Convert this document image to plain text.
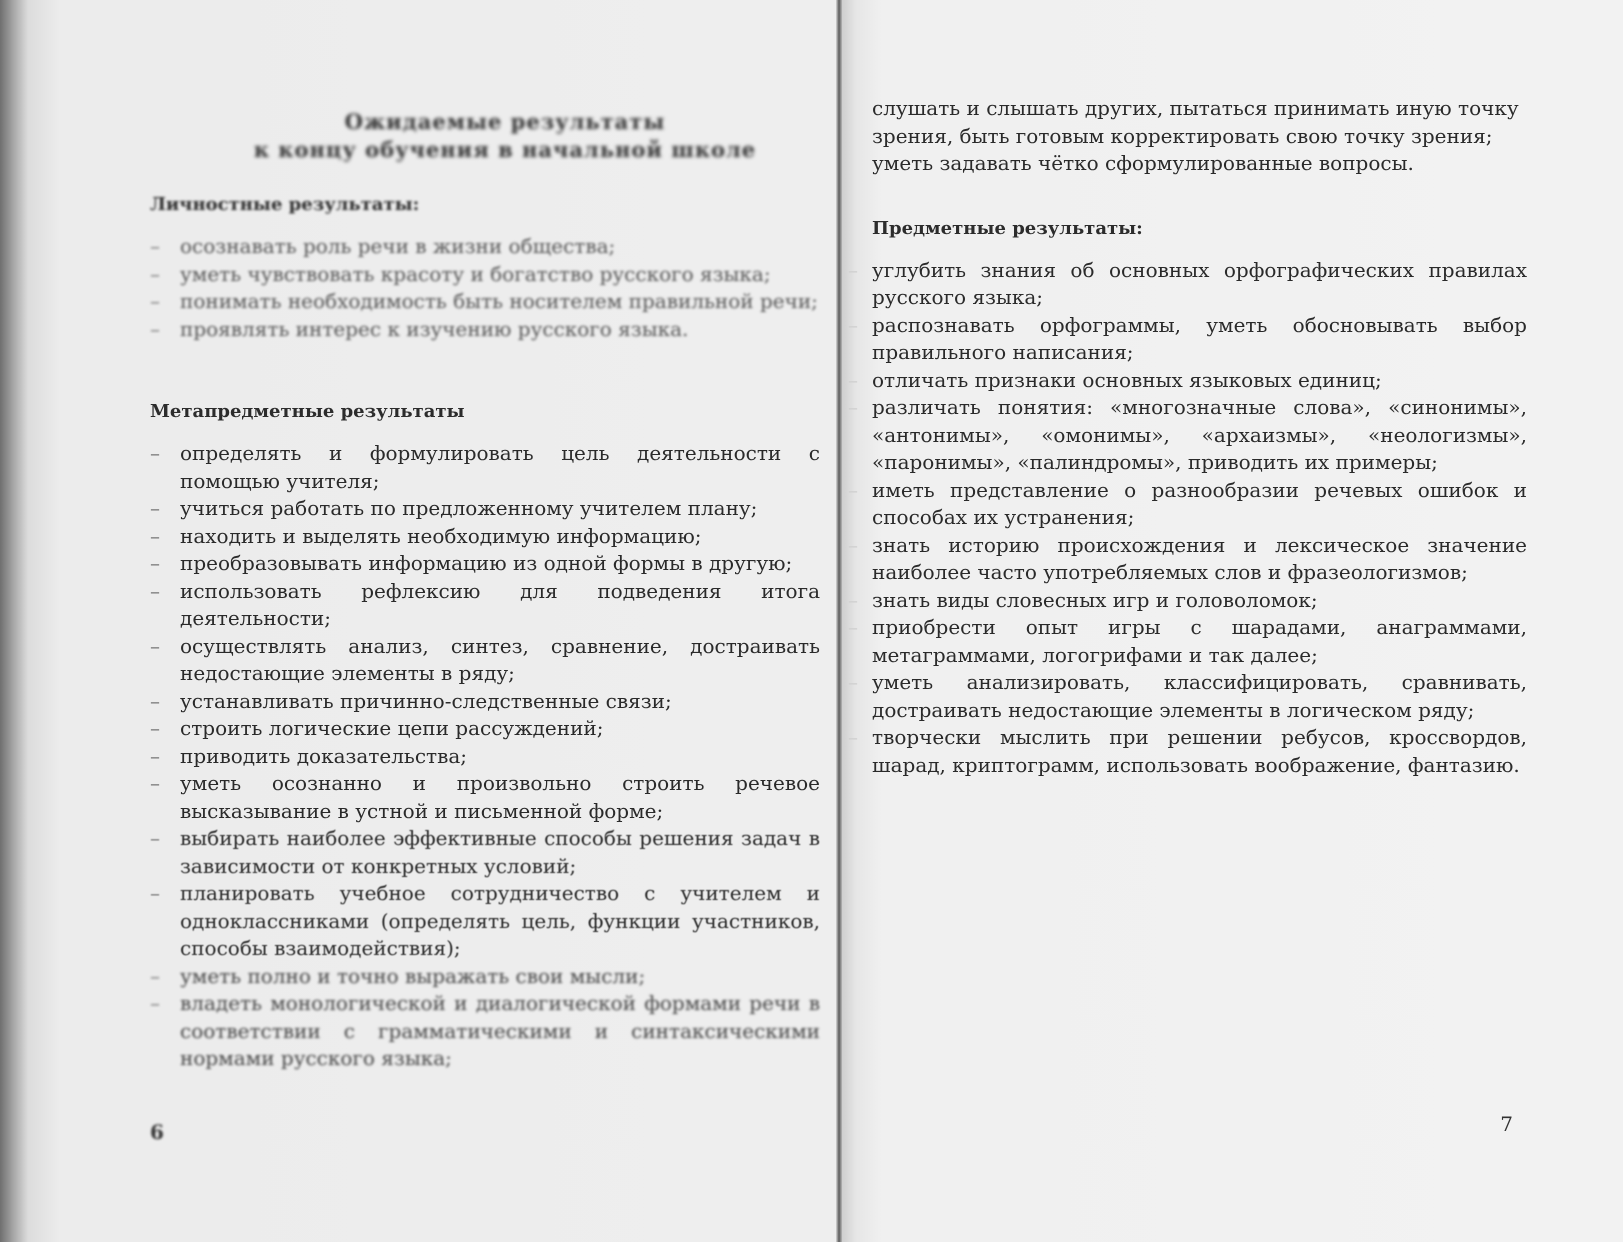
Ожидаемые результаты
к концу обучения в начальной школе
Личностные результаты:
– осознавать роль речи в жизни общества;
– уметь чувствовать красоту и богатство русского языка;
– понимать необходимость быть носителем правильной речи;
– проявлять интерес к изучению русского языка.
Метапредметные результаты
– определять и формулировать цель деятельности с помощью учителя;
– учиться работать по предложенному учителем плану;
– находить и выделять необходимую информацию;
– преобразовывать информацию из одной формы в другую;
– использовать рефлексию для подведения итога деятельности;
– осуществлять анализ, синтез, сравнение, достраивать недостающие элементы в ряду;
– устанавливать причинно-следственные связи;
– строить логические цепи рассуждений;
– приводить доказательства;
– уметь осознанно и произвольно строить речевое высказывание в устной и письменной форме;
– выбирать наиболее эффективные способы решения задач в зависимости от конкретных условий;
– планировать учебное сотрудничество с учителем и одноклассниками (определять цель, функции участников, способы взаимодействия);
– уметь полно и точно выражать свои мысли;
– владеть монологической и диалогической формами речи в соответствии с грамматическими и синтаксическими нормами русского языка;
6
слушать и слышать других, пытаться принимать иную точку зрения, быть готовым корректировать свою точку зрения;
уметь задавать чётко сформулированные вопросы.
Предметные результаты:
– углубить знания об основных орфографических правилах русского языка;
– распознавать орфограммы, уметь обосновывать выбор правильного написания;
– отличать признаки основных языковых единиц;
– различать понятия: «многозначные слова», «синонимы», «антонимы», «омонимы», «архаизмы», «неологизмы», «паронимы», «палиндромы», приводить их примеры;
– иметь представление о разнообразии речевых ошибок и способах их устранения;
– знать историю происхождения и лексическое значение наиболее часто употребляемых слов и фразеологизмов;
– знать виды словесных игр и головоломок;
– приобрести опыт игры с шарадами, анаграммами, метаграммами, логогрифами и так далее;
– уметь анализировать, классифицировать, сравнивать, достраивать недостающие элементы в логическом ряду;
– творчески мыслить при решении ребусов, кроссвордов, шарад, криптограмм, использовать воображение, фантазию.
7
